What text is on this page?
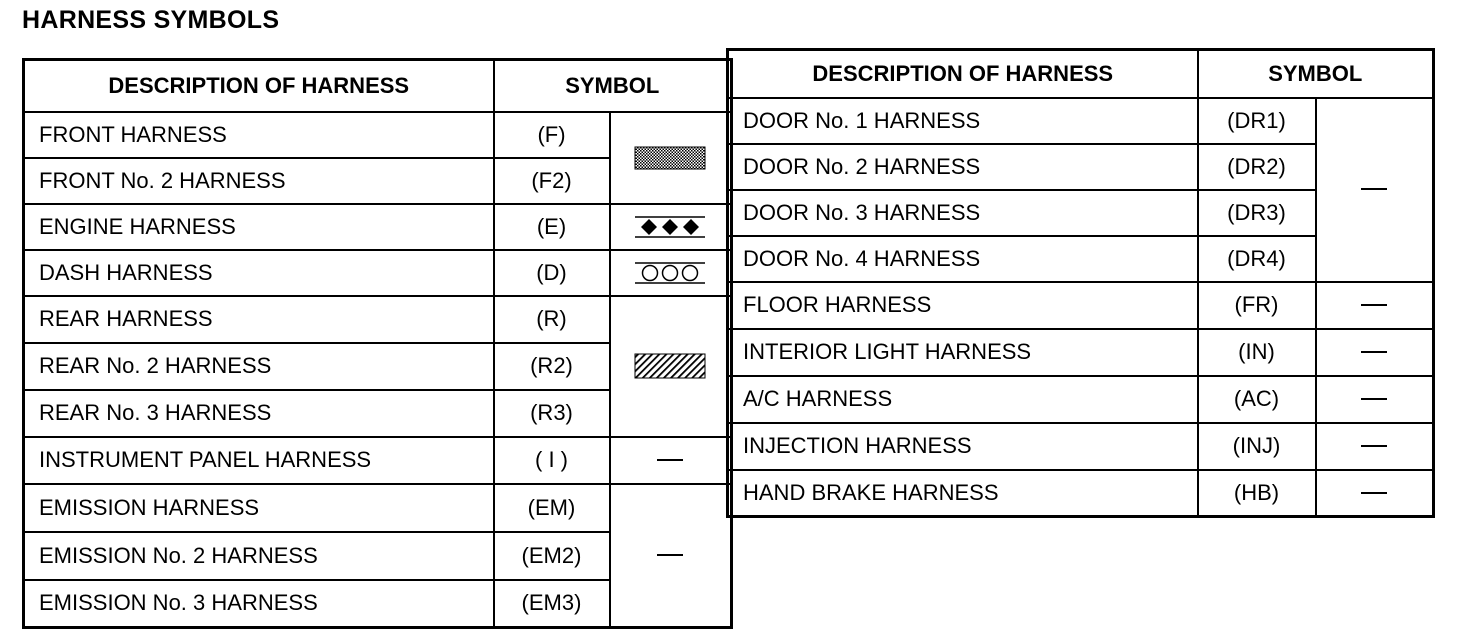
HARNESS SYMBOLS
DESCRIPTION OF HARNESS	SYMBOL	
FRONT HARNESS	(F)	

FRONT No. 2 HARNESS	(F2)	
ENGINE HARNESS	(E)	

DASH HARNESS	(D)	

REAR HARNESS	(R)	

REAR No. 2 HARNESS	(R2)	
REAR No. 3 HARNESS	(R3)	
INSTRUMENT PANEL HARNESS	( I )	
EMISSION HARNESS	(EM)	
EMISSION No. 2 HARNESS	(EM2)	
EMISSION No. 3 HARNESS	(EM3)	
DESCRIPTION OF HARNESS	SYMBOL	
DOOR No. 1 HARNESS	(DR1)	
DOOR No. 2 HARNESS	(DR2)	
DOOR No. 3 HARNESS	(DR3)	
DOOR No. 4 HARNESS	(DR4)	
FLOOR HARNESS	(FR)	
INTERIOR LIGHT HARNESS	(IN)	
A/C HARNESS	(AC)	
INJECTION HARNESS	(INJ)	
HAND BRAKE HARNESS	(HB)	
